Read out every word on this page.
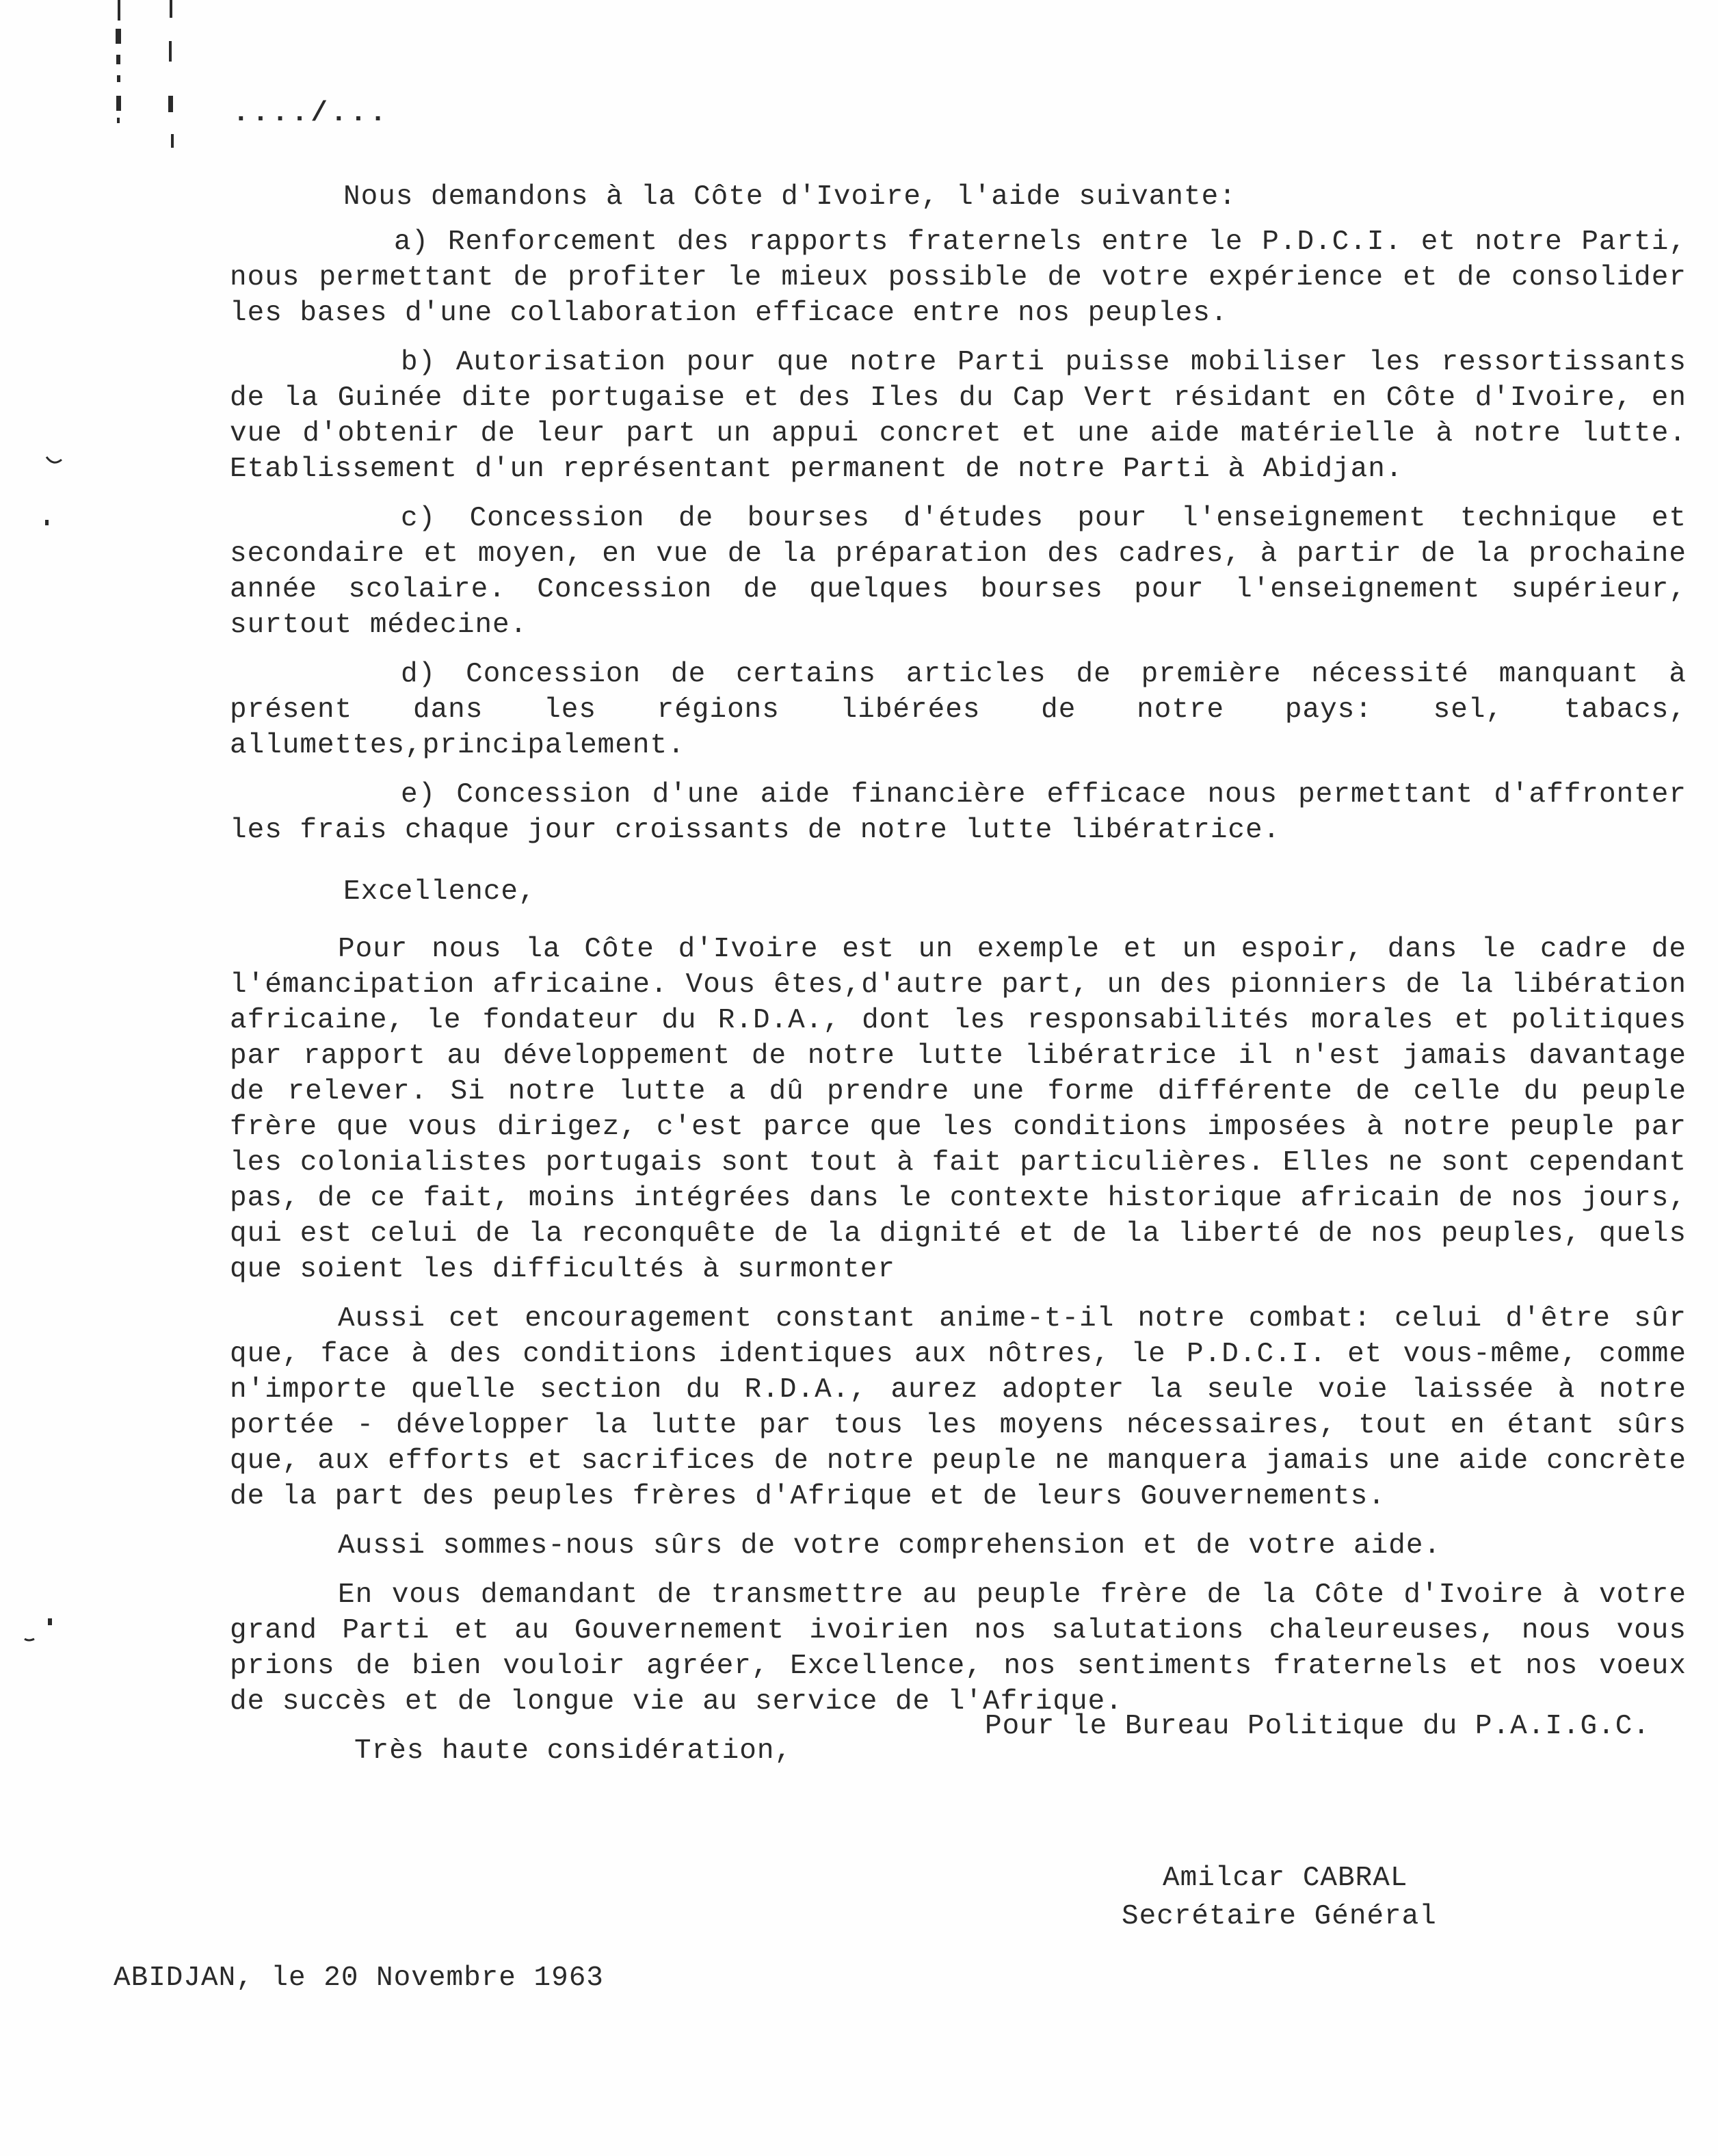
..../...

Nous demandons à la Côte d'Ivoire, l'aide suivante:

a) Renforcement des rapports fraternels entre le P.D.C.I. et notre Parti, nous permettant de profiter le mieux possible de votre expérience et de consolider les bases d'une collaboration efficace entre nos peuples.

b) Autorisation pour que notre Parti puisse mobiliser les ressortissants de la Guinée dite portugaise et des Iles du Cap Vert résidant en Côte d'Ivoire, en vue d'obtenir de leur part un appui concret et une aide matérielle à notre lutte. Etablissement d'un représentant permanent de notre Parti à Abidjan.

c) Concession de bourses d'études pour l'enseignement technique et secondaire et moyen, en vue de la préparation des cadres, à partir de la prochaine année scolaire. Concession de quelques bourses pour l'enseignement supérieur, surtout médecine.

d) Concession de certains articles de première nécessité manquant à présent dans les régions libérées de notre pays: sel, tabacs, allumettes,principalement.

e) Concession d'une aide financière efficace nous permettant d'affronter les frais chaque jour croissants de notre lutte libératrice.

Excellence,

Pour nous la Côte d'Ivoire est un exemple et un espoir, dans le cadre de l'émancipation africaine. Vous êtes,d'autre part, un des pionniers de la libération africaine, le fondateur du R.D.A., dont les responsabilités morales et politiques par rapport au développement de notre lutte libératrice il n'est jamais davantage de relever. Si notre lutte a dû prendre une forme différente de celle du peuple frère que vous dirigez, c'est parce que les conditions imposées à notre peuple par les colonialistes portugais sont tout à fait particulières. Elles ne sont cependant pas, de ce fait, moins intégrées dans le contexte historique africain de nos jours, qui est celui de la reconquête de la dignité et de la liberté de nos peuples, quels que soient les difficultés à surmonter

Aussi cet encouragement constant anime-t-il notre combat: celui d'être sûr que, face à des conditions identiques aux nôtres, le P.D.C.I. et vous-même, comme n'importe quelle section du R.D.A., aurez adopter la seule voie laissée à notre portée - développer la lutte par tous les moyens nécessaires, tout en étant sûrs que, aux efforts et sacrifices de notre peuple ne manquera jamais une aide concrète de la part des peuples frères d'Afrique et de leurs Gouvernements.

Aussi sommes-nous sûrs de votre comprehension et de votre aide.

En vous demandant de transmettre au peuple frère de la Côte d'Ivoire à votre grand Parti et au Gouvernement ivoirien nos salutations chaleureuses, nous vous prions de bien vouloir agréer, Excellence, nos sentiments fraternels et nos voeux de succès et de longue vie au service de l'Afrique.

Très haute considération,

Pour le Bureau Politique du P.A.I.G.C.
Amilcar CABRAL
Secrétaire Général
ABIDJAN, le 20 Novembre 1963
